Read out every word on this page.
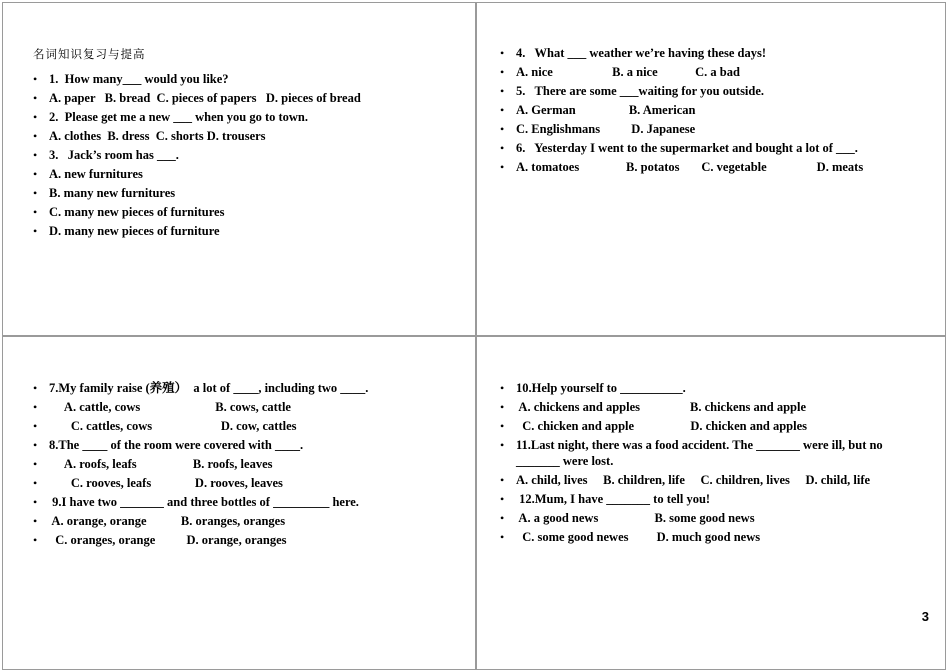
名词知识复习与提高
• 1.  How many___ would you like?
• A. paper   B. bread  C. pieces of papers   D. pieces of bread
• 2.  Please get me a new ___ when you go to town.
• A. clothes  B. dress  C. shorts D. trousers
• 3.   Jack’s room has ___.
• A. new furnitures
• B. many new furnitures
• C. many new pieces of furnitures
• D. many new pieces of furniture
• 4.   What ___ weather we’re having these days!
• A. nice                   B. a nice            C. a bad
• 5.   There are some ___waiting for you outside.
• A. German                 B. American
• C. Englishmans          D. Japanese
• 6.   Yesterday I went to the supermarket and bought a lot of ___.
• A. tomatoes               B. potatos       C. vegetable                D. meats
• 7.My family raise (养殖）  a lot of ____, including two ____.
•      A. cattle, cows                        B. cows, cattle
•        C. cattles, cows                      D. cow, cattles
• 8.The ____ of the room were covered with ____.
•      A. roofs, leafs                  B. roofs, leaves
•        C. rooves, leafs              D. rooves, leaves
•  9.I have two _______ and three bottles of _________ here.
•  A. orange, orange           B. oranges, oranges
•   C. oranges, orange          D. orange, oranges
• 10.Help yourself to __________.
•  A. chickens and apples                B. chickens and apple
•   C. chicken and apple                  D. chicken and apples
• 11.Last night, there was a food accident. The _______ were ill, but no _______ were lost.
• A. child, lives     B. children, life     C. children, lives     D. child, life
•  12.Mum, I have _______ to tell you!
•  A. a good news                  B. some good news
•   C. some good newes         D. much good news
3
